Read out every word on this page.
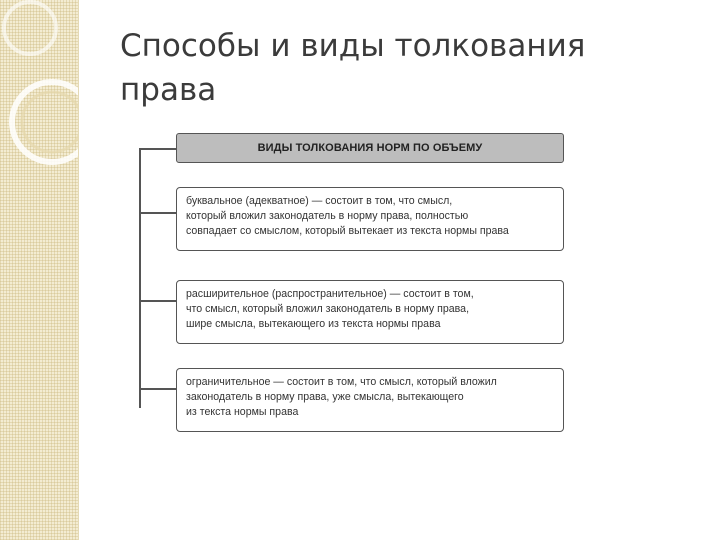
Способы и виды толкования права
ВИДЫ ТОЛКОВАНИЯ НОРМ ПО ОБЪЕМУ
буквальное (адекватное) — состоит в том, что смысл,
который вложил законодатель в норму права, полностью
совпадает со смыслом, который вытекает из текста нормы права
расширительное (распространительное) — состоит в том,
что смысл, который вложил законодатель в норму права,
шире смысла, вытекающего из текста нормы права
ограничительное — состоит в том, что смысл, который вложил
законодатель в норму права, уже смысла, вытекающего
из текста нормы права
